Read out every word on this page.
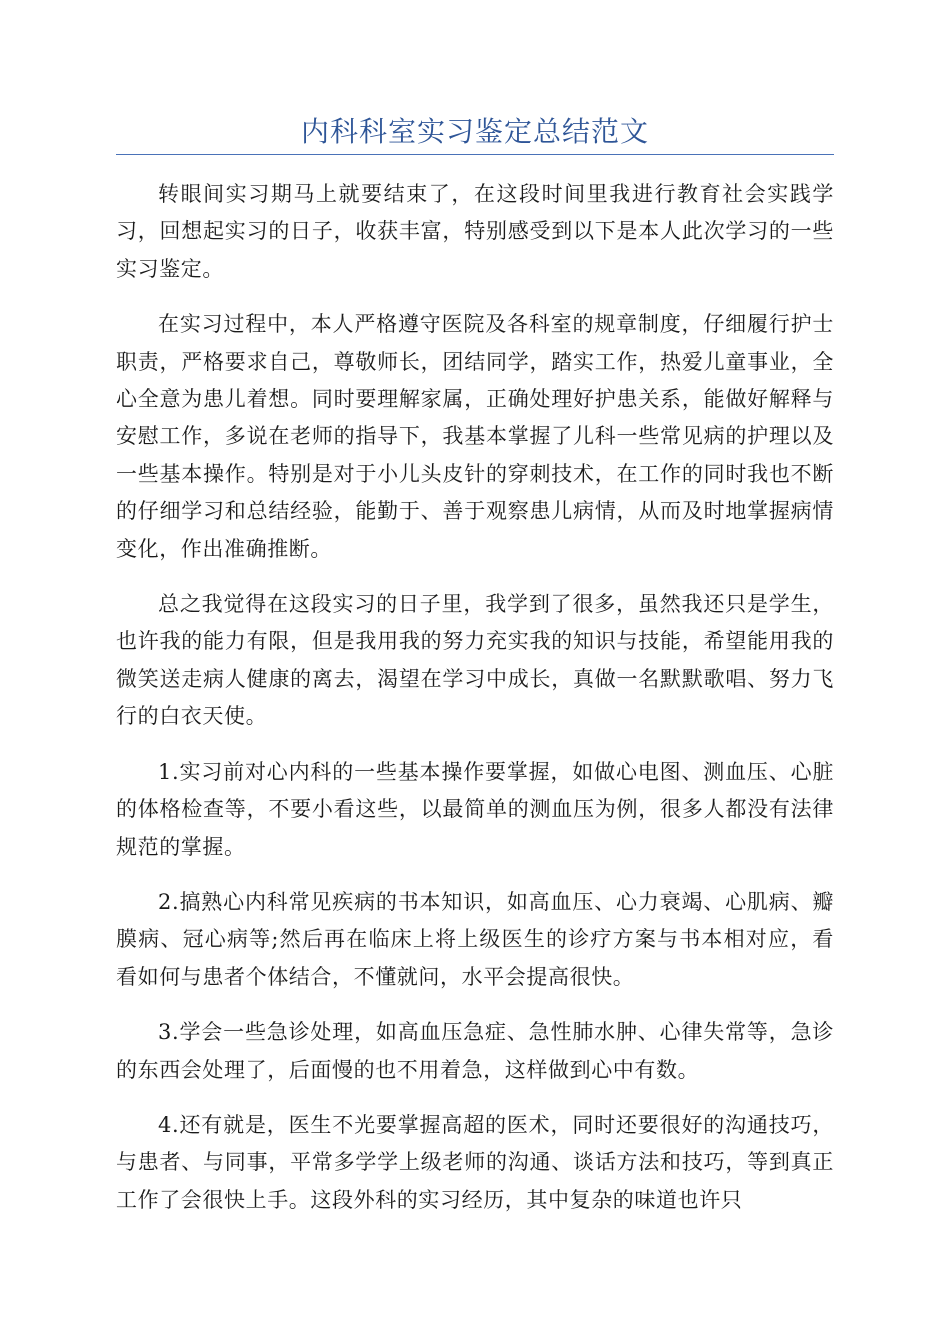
内科科室实习鉴定总结范文

转眼间实习期马上就要结束了，在这段时间里我进行教育社会实践学习，回想起实习的日子，收获丰富，特别感受到以下是本人此次学习的一些实习鉴定。

在实习过程中，本人严格遵守医院及各科室的规章制度，仔细履行护士职责，严格要求自己，尊敬师长，团结同学，踏实工作，热爱儿童事业，全心全意为患儿着想。同时要理解家属，正确处理好护患关系，能做好解释与安慰工作，多说在老师的指导下，我基本掌握了儿科一些常见病的护理以及一些基本操作。特别是对于小儿头皮针的穿刺技术，在工作的同时我也不断的仔细学习和总结经验，能勤于、善于观察患儿病情，从而及时地掌握病情变化，作出准确推断。

总之我觉得在这段实习的日子里，我学到了很多，虽然我还只是学生，也许我的能力有限，但是我用我的努力充实我的知识与技能，希望能用我的微笑送走病人健康的离去，渴望在学习中成长，真做一名默默歌唱、努力飞行的白衣天使。

1.实习前对心内科的一些基本操作要掌握，如做心电图、测血压、心脏的体格检查等，不要小看这些，以最简单的测血压为例，很多人都没有法律规范的掌握。

2.搞熟心内科常见疾病的书本知识，如高血压、心力衰竭、心肌病、瓣膜病、冠心病等;然后再在临床上将上级医生的诊疗方案与书本相对应，看看如何与患者个体结合，不懂就问，水平会提高很快。

3.学会一些急诊处理，如高血压急症、急性肺水肿、心律失常等，急诊的东西会处理了，后面慢的也不用着急，这样做到心中有数。

4.还有就是，医生不光要掌握高超的医术，同时还要很好的沟通技巧，与患者、与同事，平常多学学上级老师的沟通、谈话方法和技巧，等到真正工作了会很快上手。这段外科的实习经历，其中复杂的味道也许只
